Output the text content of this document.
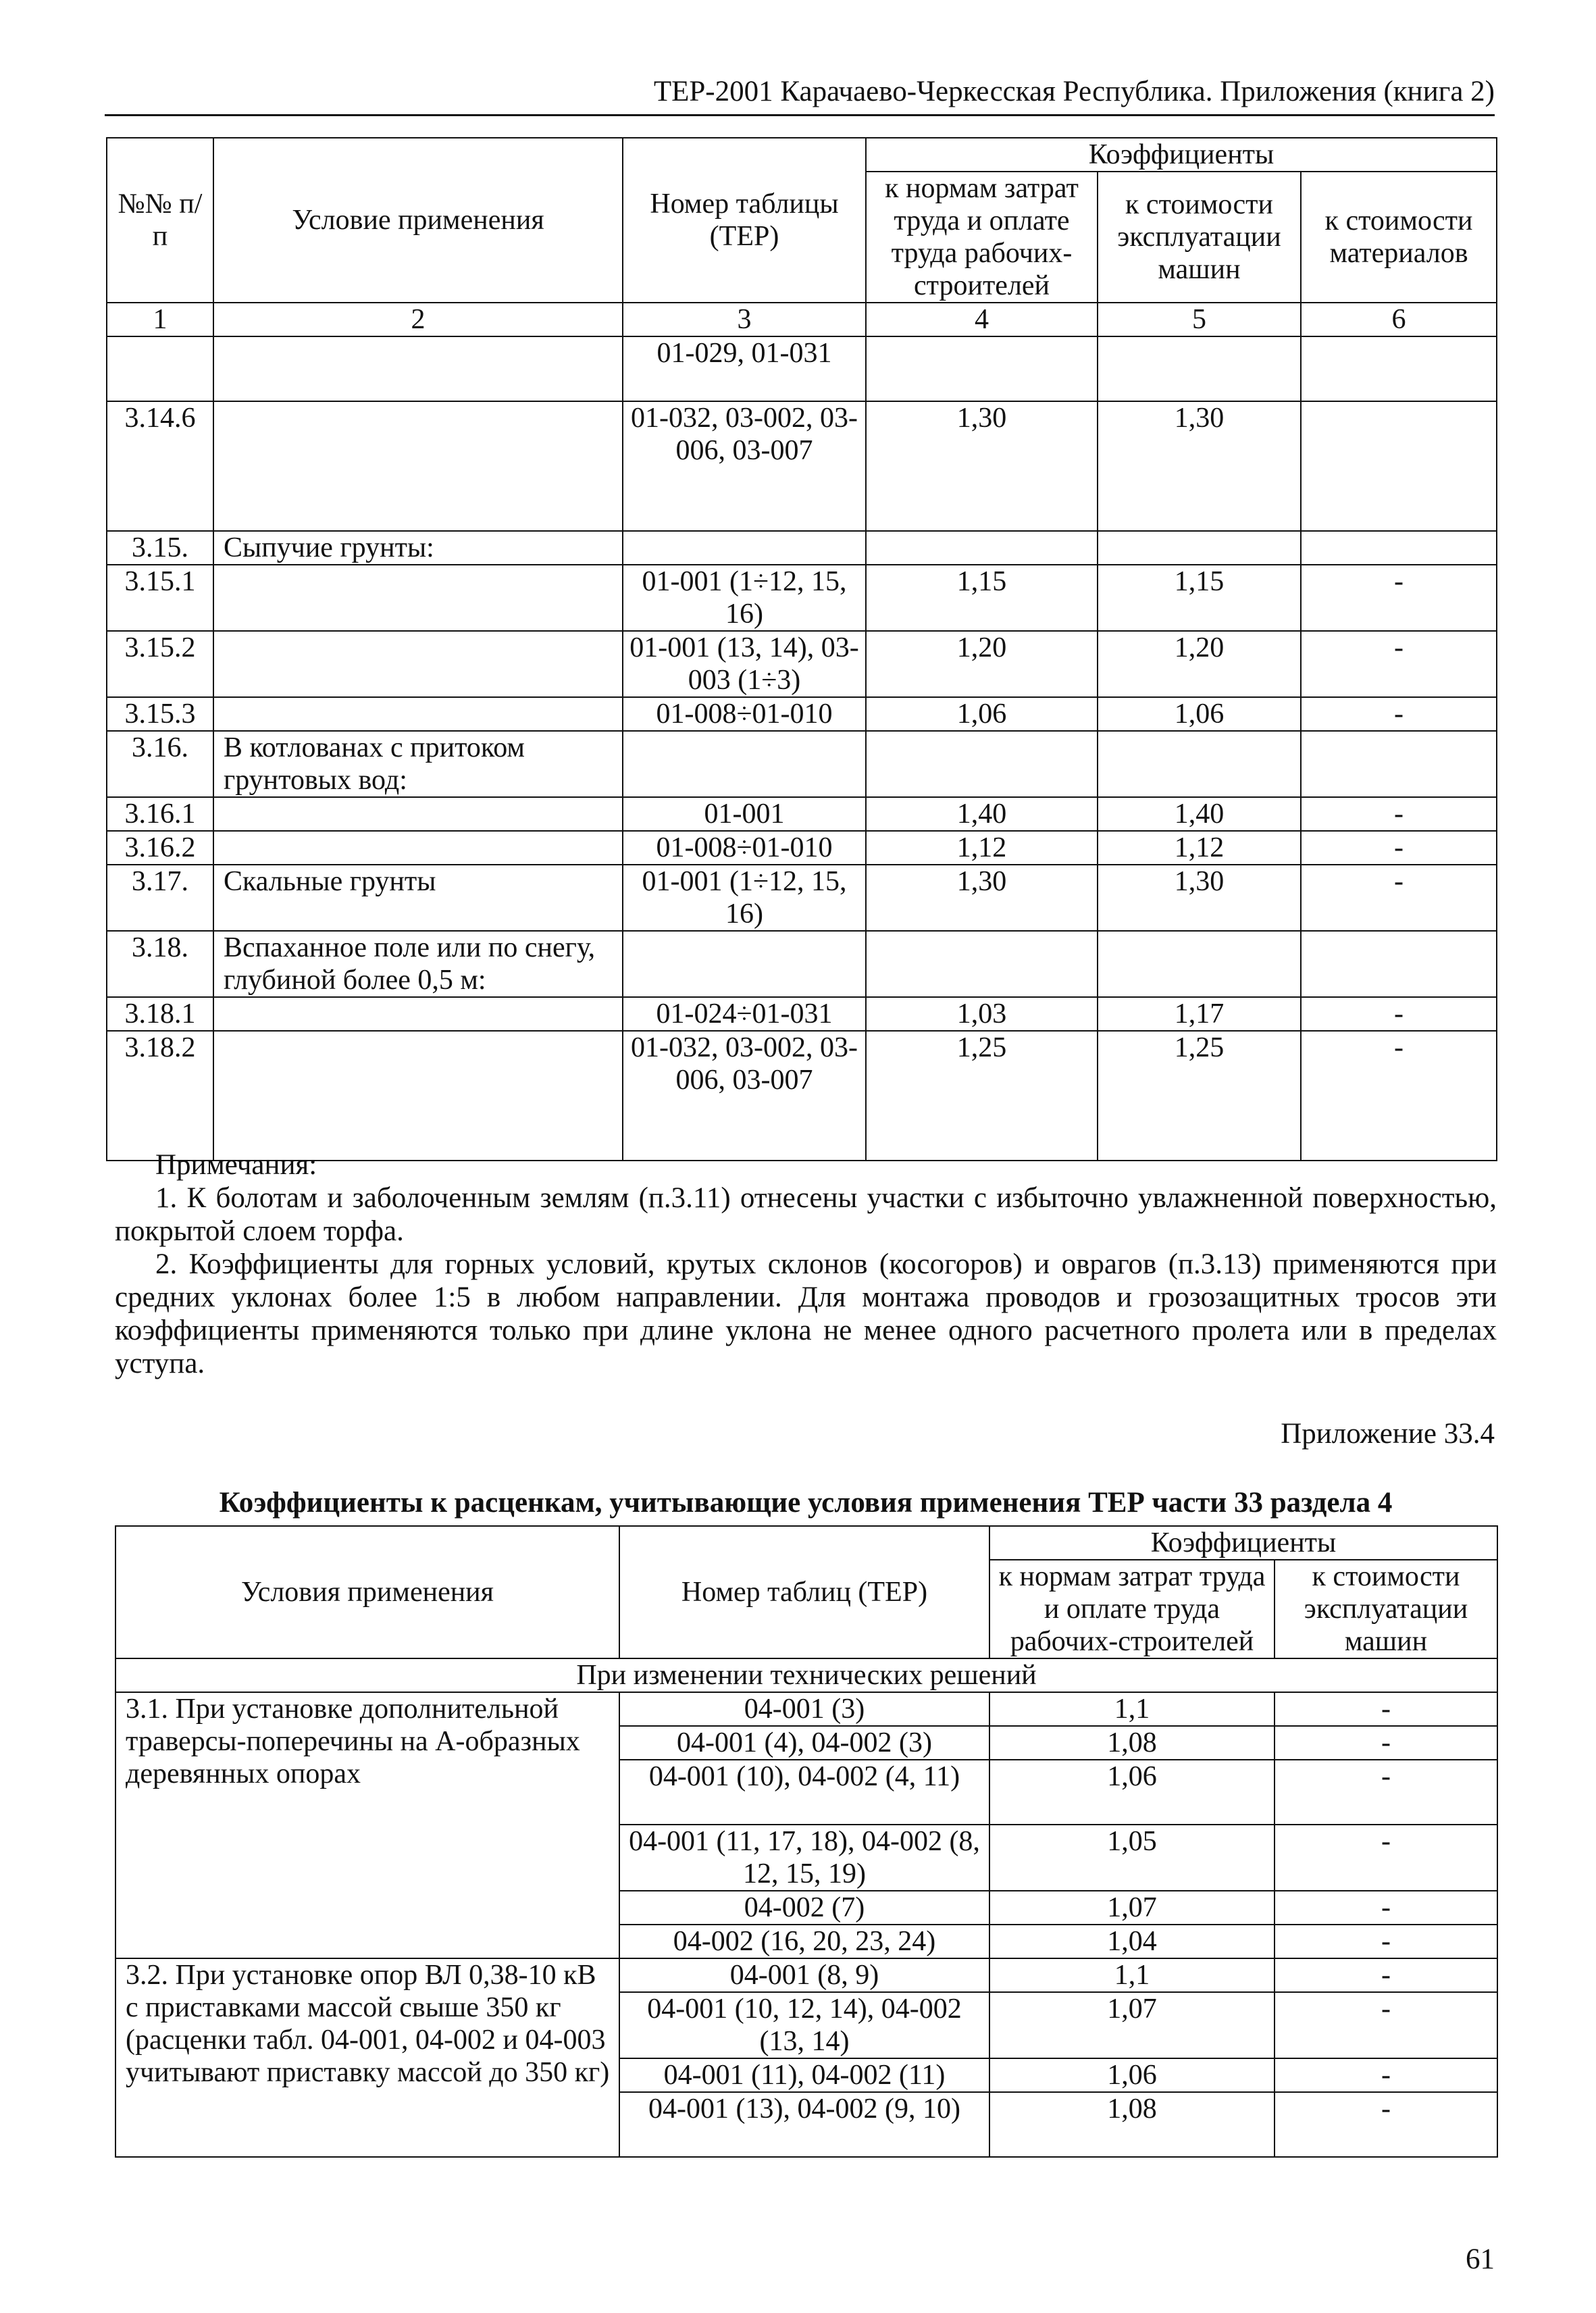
ТЕР-2001 Карачаево-Черкесская Республика. Приложения (книга 2)
№№ п/п	Условие применения	Номер таблицы (ТЕР)	Коэффициенты		
			к нормам затрат труда и оплате труда рабочих-строителей	к стоимости эксплуатации машин	к стоимости материалов
1	2	3	4	5	6
		01-029, 01-031			
3.14.6		01-032, 03-002, 03-006, 03-007	1,30	1,30	
3.15.	Сыпучие грунты:				
3.15.1		01-001 (1÷12, 15, 16)	1,15	1,15	-
3.15.2		01-001 (13, 14), 03-003 (1÷3)	1,20	1,20	-
3.15.3		01-008÷01-010	1,06	1,06	-
3.16.	В котлованах с притоком грунтовых вод:				
3.16.1		01-001	1,40	1,40	-
3.16.2		01-008÷01-010	1,12	1,12	-
3.17.	Скальные грунты	01-001 (1÷12, 15, 16)	1,30	1,30	-
3.18.	Вспаханное поле или по снегу, глубиной более 0,5 м:				
3.18.1		01-024÷01-031	1,03	1,17	-
3.18.2		01-032, 03-002, 03-006, 03-007	1,25	1,25	-
Примечания:

1. К болотам и заболоченным землям (п.3.11) отнесены участки с избыточно увлажненной поверхностью, покрытой слоем торфа.

2. Коэффициенты для горных условий, крутых склонов (косогоров) и оврагов (п.3.13) применяются при средних уклонах более 1:5 в любом направлении. Для монтажа проводов и грозозащитных тросов эти коэффициенты применяются только при длине уклона не менее одного расчетного пролета или в пределах уступа.

Приложение 33.4
Коэффициенты к расценкам, учитывающие условия применения ТЕР части 33 раздела 4
Условия применения	Номер таблиц (ТЕР)	Коэффициенты	
		к нормам затрат труда и оплате труда рабочих-строителей	к стоимости эксплуатации машин
При изменении технических решений			
3.1. При установке дополнительной траверсы-поперечины на А-образных деревянных опорах	04-001 (3)	1,1	-
	04-001 (4), 04-002 (3)	1,08	-
	04-001 (10), 04-002 (4, 11)	1,06	-
	04-001 (11, 17, 18), 04-002 (8, 12, 15, 19)	1,05	-
	04-002 (7)	1,07	-
	04-002 (16, 20, 23, 24)	1,04	-
3.2. При установке опор ВЛ 0,38-10 кВ с приставками массой свыше 350 кг (расценки табл. 04-001, 04-002 и 04-003 учитывают приставку массой до 350 кг)	04-001 (8, 9)	1,1	-
	04-001 (10, 12, 14), 04-002 (13, 14)	1,07	-
	04-001 (11), 04-002 (11)	1,06	-
	04-001 (13), 04-002 (9, 10)	1,08	-
61
